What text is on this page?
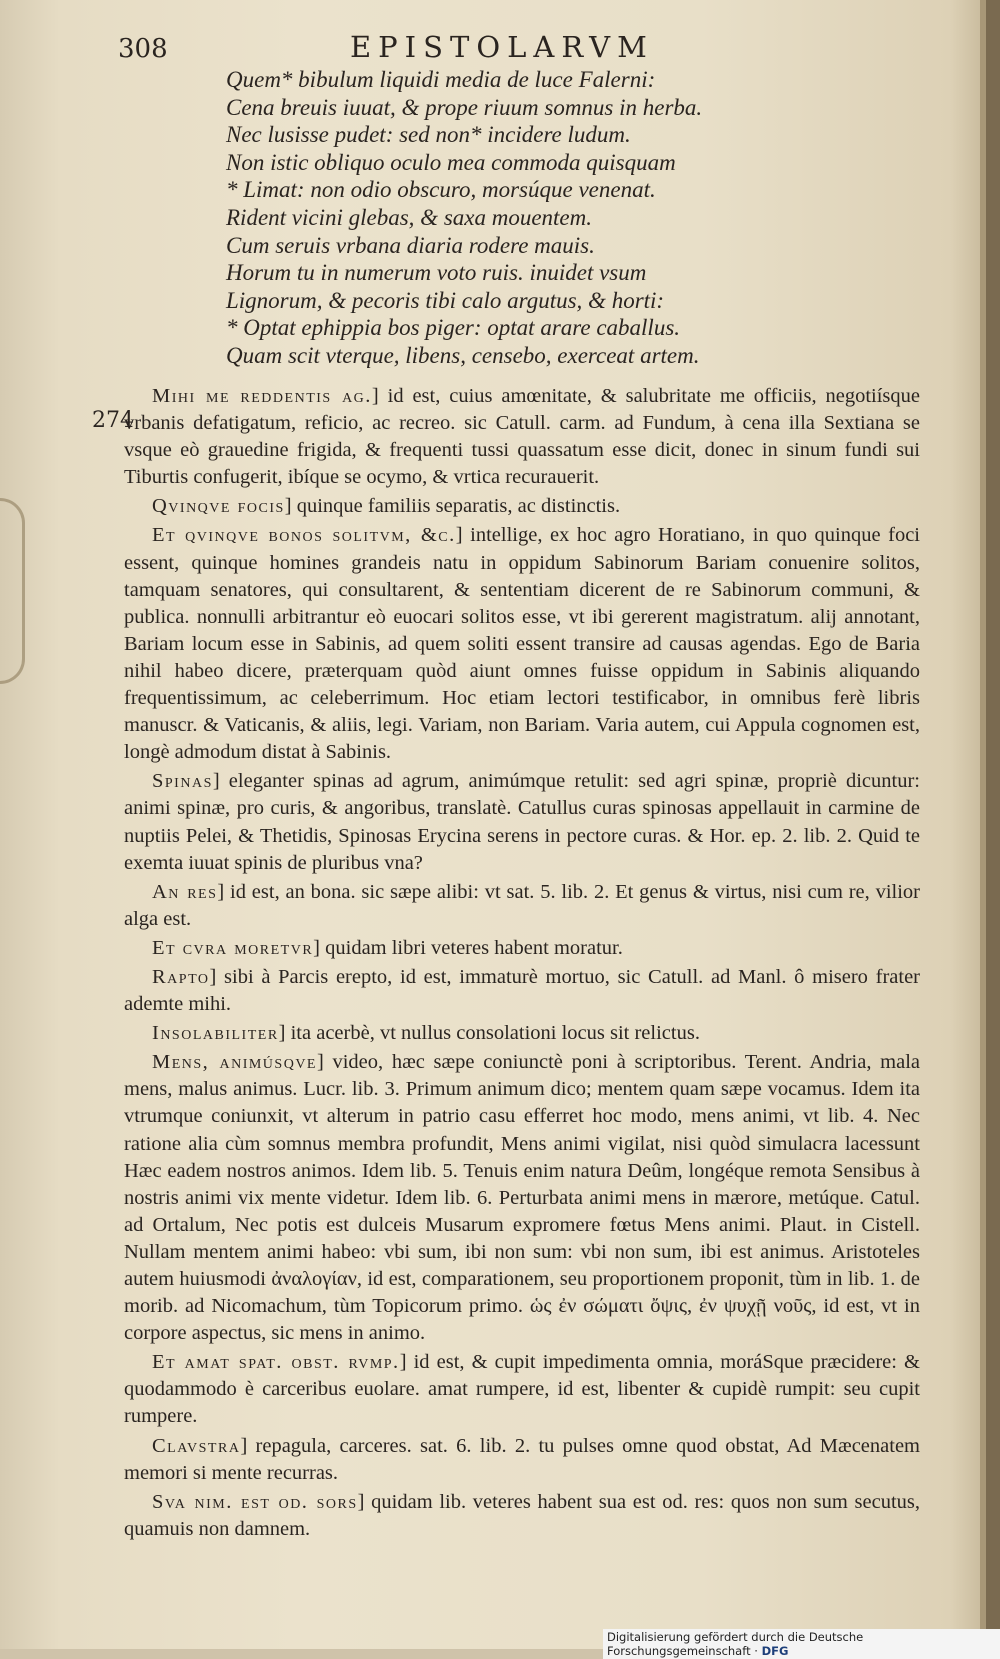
308	EPISTOLARVM
Quem* bibulum liquidi media de luce Falerni:
Cena breuis iuuat, & prope riuum somnus in herba.
Nec lusisse pudet: sed non* incidere ludum.
Non istic obliquo oculo mea commoda quisquam
* Limat: non odio obscuro, morsúque venenat.
Rident vicini glebas, & saxa mouentem.
Cum seruis vrbana diaria rodere mauis.
Horum tu in numerum voto ruis. inuidet vsum
Lignorum, & pecoris tibi calo argutus, & horti:
* Optat ephippia bos piger: optat arare caballus.
Quam scit vterque, libens, censebo, exerceat artem.
274

Mihi me reddentis ag.] id est, cuius amœnitate, & salubritate me officiis, negotiísque vrbanis defatigatum, reficio, ac recreo. sic Catull. carm. ad Fundum, à cena illa Sextiana se vsque eò grauedine frigida, & frequenti tussi quassatum esse dicit, donec in sinum fundi sui Tiburtis confugerit, ibíque se ocymo, & vrtica recurauerit.

Qvinqve focis] quinque familiis separatis, ac distinctis.

Et qvinqve bonos solitvm, &c.] intellige, ex hoc agro Horatiano, in quo quinque foci essent, quinque homines grandeis natu in oppidum Sabinorum Bariam conuenire solitos, tamquam senatores, qui consultarent, & sententiam dicerent de re Sabinorum communi, & publica. nonnulli arbitrantur eò euocari solitos esse, vt ibi gererent magistratum. alij annotant, Bariam locum esse in Sabinis, ad quem soliti essent transire ad causas agendas. Ego de Baria nihil habeo dicere, præterquam quòd aiunt omnes fuisse oppidum in Sabinis aliquando frequentissimum, ac celeberrimum. Hoc etiam lectori testificabor, in omnibus ferè libris manuscr. & Vaticanis, & aliis, legi. Variam, non Bariam. Varia autem, cui Appula cognomen est, longè admodum distat à Sabinis.

Spinas] eleganter spinas ad agrum, animúmque retulit: sed agri spinæ, propriè dicuntur: animi spinæ, pro curis, & angoribus, translatè. Catullus curas spinosas appellauit in carmine de nuptiis Pelei, & Thetidis, Spinosas Erycina serens in pectore curas. & Hor. ep. 2. lib. 2. Quid te exemta iuuat spinis de pluribus vna?

An res] id est, an bona. sic sæpe alibi: vt sat. 5. lib. 2. Et genus & virtus, nisi cum re, vilior alga est.

Et cvra moretvr] quidam libri veteres habent moratur.

Rapto] sibi à Parcis erepto, id est, immaturè mortuo, sic Catull. ad Manl. ô misero frater ademte mihi.

Insolabiliter] ita acerbè, vt nullus consolationi locus sit relictus.

Mens, animúsqve] video, hæc sæpe coniunctè poni à scriptoribus. Terent. Andria, mala mens, malus animus. Lucr. lib. 3. Primum animum dico; mentem quam sæpe vocamus. Idem ita vtrumque coniunxit, vt alterum in patrio casu efferret hoc modo, mens animi, vt lib. 4. Nec ratione alia cùm somnus membra profundit, Mens animi vigilat, nisi quòd simulacra lacessunt Hæc eadem nostros animos. Idem lib. 5. Tenuis enim natura Deûm, longéque remota Sensibus à nostris animi vix mente videtur. Idem lib. 6. Perturbata animi mens in mærore, metúque. Catul. ad Ortalum, Nec potis est dulceis Musarum expromere fœtus Mens animi. Plaut. in Cistell. Nullam mentem animi habeo: vbi sum, ibi non sum: vbi non sum, ibi est animus. Aristoteles autem huiusmodi ἀναλογίαν, id est, comparationem, seu proportionem proponit, tùm in lib. 1. de morib. ad Nicomachum, tùm Topicorum primo. ὡς ἐν σώματι ὄψις, ἐν ψυχῇ νοῦς, id est, vt in corpore aspectus, sic mens in animo.

Et amat spat. obst. rvmp.] id est, & cupit impedimenta omnia, moráSque præcidere: & quodammodo è carceribus euolare. amat rumpere, id est, libenter & cupidè rumpit: seu cupit rumpere.

Clavstra] repagula, carceres. sat. 6. lib. 2. tu pulses omne quod obstat, Ad Mæcenatem memori si mente recurras.

Sva nim. est od. sors] quidam lib. veteres habent sua est od. res: quos non sum secutus, quamuis non damnem.

Digitalisierung gefördert durch die Deutsche Forschungsgemeinschaft · DFG
